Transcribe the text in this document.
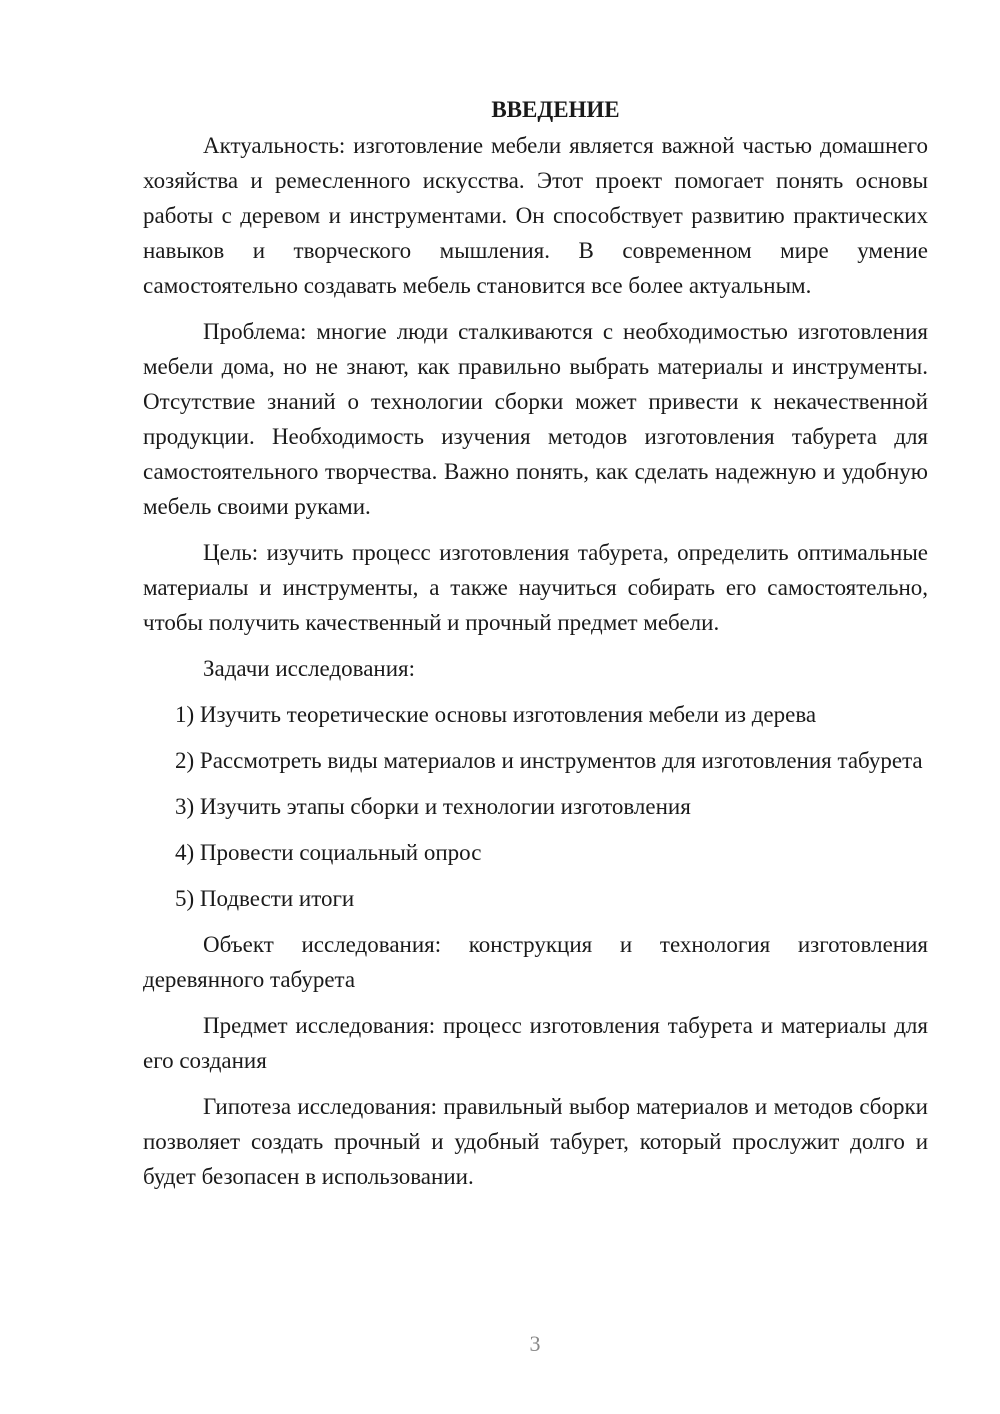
ВВЕДЕНИЕ

Актуальность: изготовление мебели является важной частью домашнего хозяйства и ремесленного искусства. Этот проект помогает понять основы работы с деревом и инструментами. Он способствует развитию практических навыков и творческого мышления. В современном мире умение самостоятельно создавать мебель становится все более актуальным.

Проблема: многие люди сталкиваются с необходимостью изготовления мебели дома, но не знают, как правильно выбрать материалы и инструменты. Отсутствие знаний о технологии сборки может привести к некачественной продукции. Необходимость изучения методов изготовления табурета для самостоятельного творчества. Важно понять, как сделать надежную и удобную мебель своими руками.

Цель: изучить процесс изготовления табурета, определить оптимальные материалы и инструменты, а также научиться собирать его самостоятельно, чтобы получить качественный и прочный предмет мебели.

Задачи исследования:

1) Изучить теоретические основы изготовления мебели из дерева

2) Рассмотреть виды материалов и инструментов для изготовления табурета

3) Изучить этапы сборки и технологии изготовления

4) Провести социальный опрос

5) Подвести итоги

Объект исследования: конструкция и технология изготовления деревянного табурета

Предмет исследования: процесс изготовления табурета и материалы для его создания

Гипотеза исследования: правильный выбор материалов и методов сборки позволяет создать прочный и удобный табурет, который прослужит долго и будет безопасен в использовании.

3
